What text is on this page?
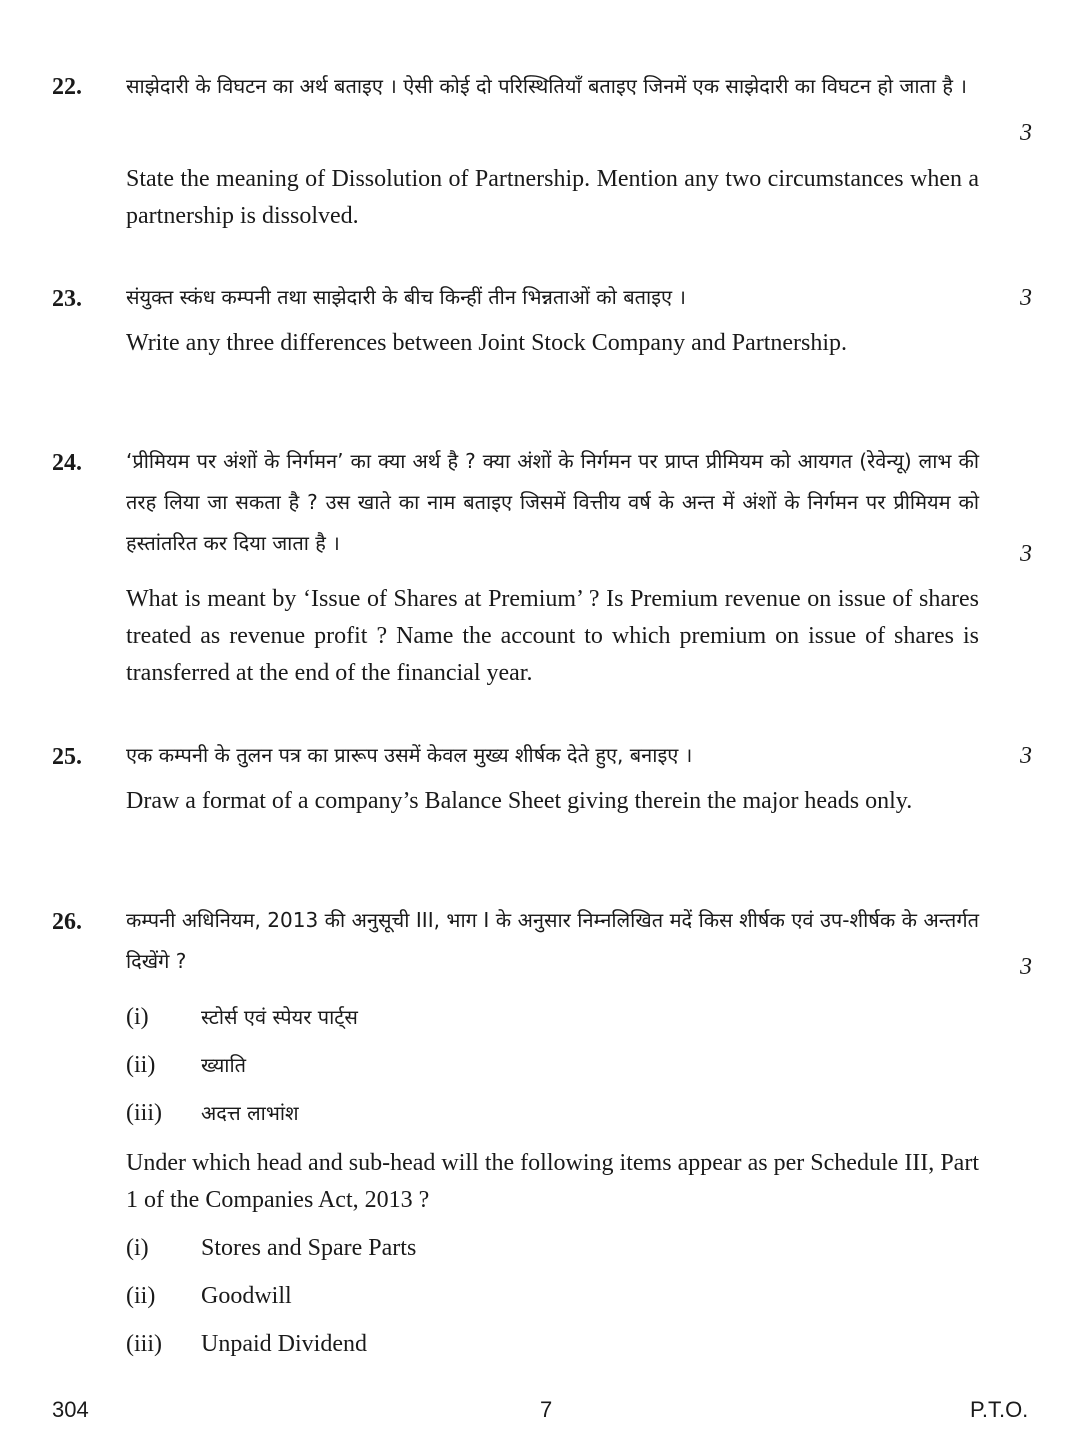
22. साझेदारी के विघटन का अर्थ बताइए । ऐसी कोई दो परिस्थितियाँ बताइए जिनमें एक साझेदारी का विघटन हो जाता है ।
3
State the meaning of Dissolution of Partnership. Mention any two circumstances when a partnership is dissolved.
23. संयुक्त स्कंध कम्पनी तथा साझेदारी के बीच किन्हीं तीन भिन्नताओं को बताइए ।	3
Write any three differences between Joint Stock Company and Partnership.
24. ‘प्रीमियम पर अंशों के निर्गमन’ का क्या अर्थ है ? क्या अंशों के निर्गमन पर प्राप्त प्रीमियम को आयगत (रेवेन्यू) लाभ की तरह लिया जा सकता है ? उस खाते का नाम बताइए जिसमें वित्तीय वर्ष के अन्त में अंशों के निर्गमन पर प्रीमियम को हस्तांतरित कर दिया जाता है ।	3
What is meant by ‘Issue of Shares at Premium’ ? Is Premium revenue on issue of shares treated as revenue profit ? Name the account to which premium on issue of shares is transferred at the end of the financial year.
25. एक कम्पनी के तुलन पत्र का प्रारूप उसमें केवल मुख्य शीर्षक देते हुए, बनाइए ।	3
Draw a format of a company’s Balance Sheet giving therein the major heads only.
26. कम्पनी अधिनियम, 2013 की अनुसूची III, भाग I के अनुसार निम्नलिखित मदें किस शीर्षक एवं उप-शीर्षक के अन्तर्गत दिखेंगे ?	3
(i)	स्टोर्स एवं स्पेयर पार्ट्स
(ii) ख्याति
(iii) अदत्त लाभांश
Under which head and sub-head will the following items appear as per Schedule III, Part 1 of the Companies Act, 2013 ?
(i) Stores and Spare Parts
(ii) Goodwill
(iii) Unpaid Dividend
304	7	P.T.O.
